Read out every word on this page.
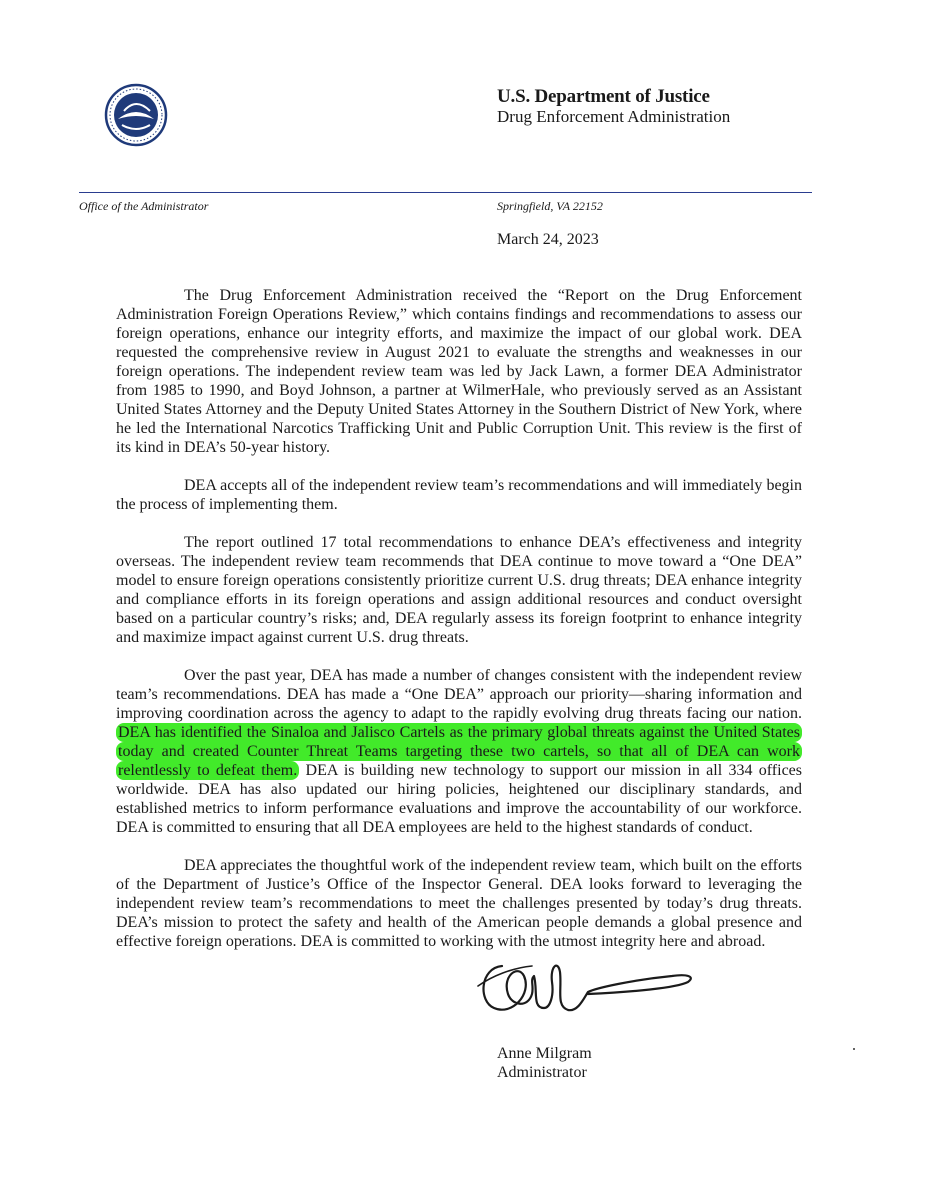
U.S. Department of Justice
Drug Enforcement Administration
Office of the Administrator	Springfield, VA 22152
March 24, 2023

The Drug Enforcement Administration received the “Report on the Drug Enforcement Administration Foreign Operations Review,” which contains findings and recommendations to assess our foreign operations, enhance our integrity efforts, and maximize the impact of our global work. DEA requested the comprehensive review in August 2021 to evaluate the strengths and weaknesses in our foreign operations. The independent review team was led by Jack Lawn, a former DEA Administrator from 1985 to 1990, and Boyd Johnson, a partner at WilmerHale, who previously served as an Assistant United States Attorney and the Deputy United States Attorney in the Southern District of New York, where he led the International Narcotics Trafficking Unit and Public Corruption Unit. This review is the first of its kind in DEA’s 50-year history.

DEA accepts all of the independent review team’s recommendations and will immediately begin the process of implementing them.

The report outlined 17 total recommendations to enhance DEA’s effectiveness and integrity overseas. The independent review team recommends that DEA continue to move toward a “One DEA” model to ensure foreign operations consistently prioritize current U.S. drug threats; DEA enhance integrity and compliance efforts in its foreign operations and assign additional resources and conduct oversight based on a particular country’s risks; and, DEA regularly assess its foreign footprint to enhance integrity and maximize impact against current U.S. drug threats.

Over the past year, DEA has made a number of changes consistent with the independent review team’s recommendations. DEA has made a “One DEA” approach our priority—sharing information and improving coordination across the agency to adapt to the rapidly evolving drug threats facing our nation. DEA has identified the Sinaloa and Jalisco Cartels as the primary global threats against the United States today and created Counter Threat Teams targeting these two cartels, so that all of DEA can work relentlessly to defeat them. DEA is building new technology to support our mission in all 334 offices worldwide. DEA has also updated our hiring policies, heightened our disciplinary standards, and established metrics to inform performance evaluations and improve the accountability of our workforce. DEA is committed to ensuring that all DEA employees are held to the highest standards of conduct.

DEA appreciates the thoughtful work of the independent review team, which built on the efforts of the Department of Justice’s Office of the Inspector General. DEA looks forward to leveraging the independent review team’s recommendations to meet the challenges presented by today’s drug threats. DEA’s mission to protect the safety and health of the American people demands a global presence and effective foreign operations. DEA is committed to working with the utmost integrity here and abroad.

Anne Milgram
Administrator
